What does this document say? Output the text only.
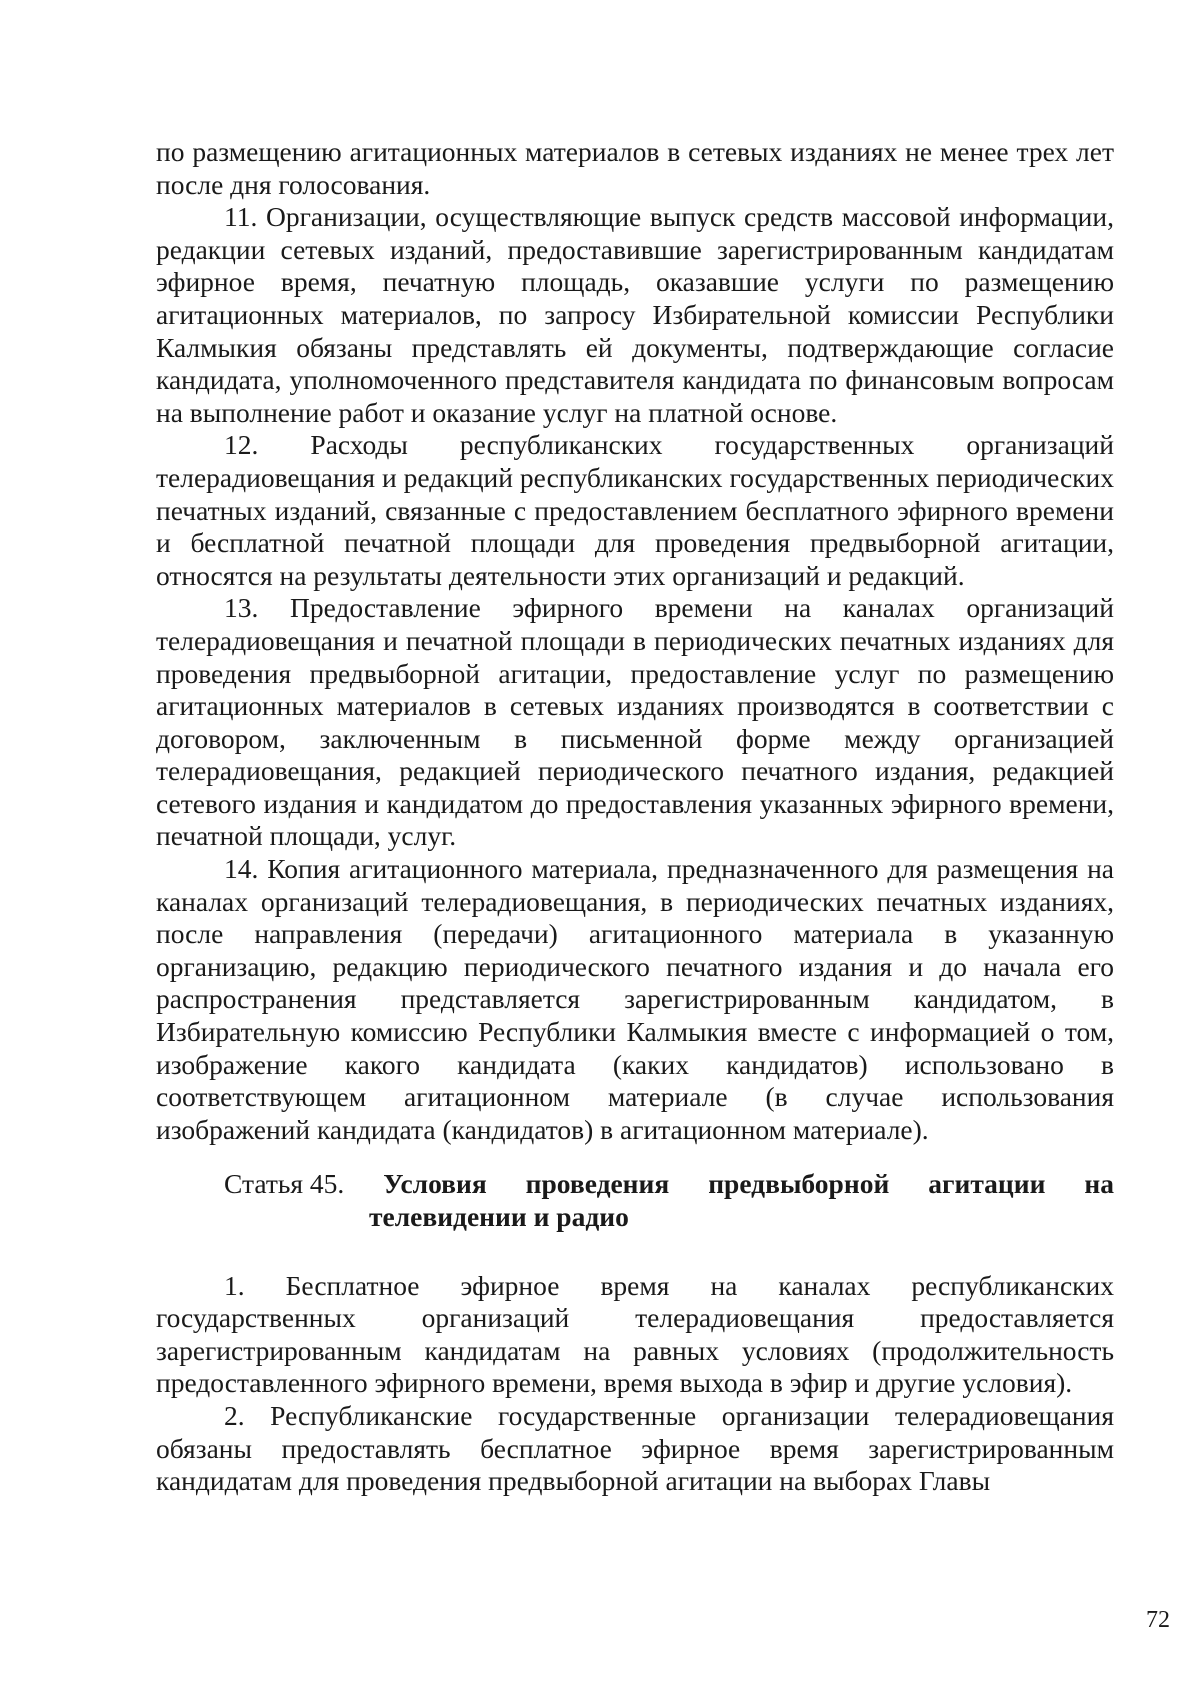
по размещению агитационных материалов в сетевых изданиях не менее трех лет после дня голосования.

11. Организации, осуществляющие выпуск средств массовой информации, редакции сетевых изданий, предоставившие зарегистрированным кандидатам эфирное время, печатную площадь, оказавшие услуги по размещению агитационных материалов, по запросу Избирательной комиссии Республики Калмыкия обязаны представлять ей документы, подтверждающие согласие кандидата, уполномоченного представителя кандидата по финансовым вопросам на выполнение работ и оказание услуг на платной основе.

12. Расходы республиканских государственных организаций телерадиовещания и редакций республиканских государственных периодических печатных изданий, связанные с предоставлением бесплатного эфирного времени и бесплатной печатной площади для проведения предвыборной агитации, относятся на результаты деятельности этих организаций и редакций.

13. Предоставление эфирного времени на каналах организаций телерадиовещания и печатной площади в периодических печатных изданиях для проведения предвыборной агитации, предоставление услуг по размещению агитационных материалов в сетевых изданиях производятся в соответствии с договором, заключенным в письменной форме между организацией телерадиовещания, редакцией периодического печатного издания, редакцией сетевого издания и кандидатом до предоставления указанных эфирного времени, печатной площади, услуг.

14. Копия агитационного материала, предназначенного для размещения на каналах организаций телерадиовещания, в периодических печатных изданиях, после направления (передачи) агитационного материала в указанную организацию, редакцию периодического печатного издания и до начала его распространения представляется зарегистрированным кандидатом, в Избирательную комиссию Республики Калмыкия вместе с информацией о том, изображение какого кандидата (каких кандидатов) использовано в соответствующем агитационном материале (в случае использования изображений кандидата (кандидатов) в агитационном материале).

Статья 45. Условия проведения предвыборной агитации на
телевидении и радио

1. Бесплатное эфирное время на каналах республиканских государственных организаций телерадиовещания предоставляется зарегистрированным кандидатам на равных условиях (продолжительность предоставленного эфирного времени, время выхода в эфир и другие условия).

2. Республиканские государственные организации телерадиовещания обязаны предоставлять бесплатное эфирное время зарегистрированным кандидатам для проведения предвыборной агитации на выборах Главы

72
